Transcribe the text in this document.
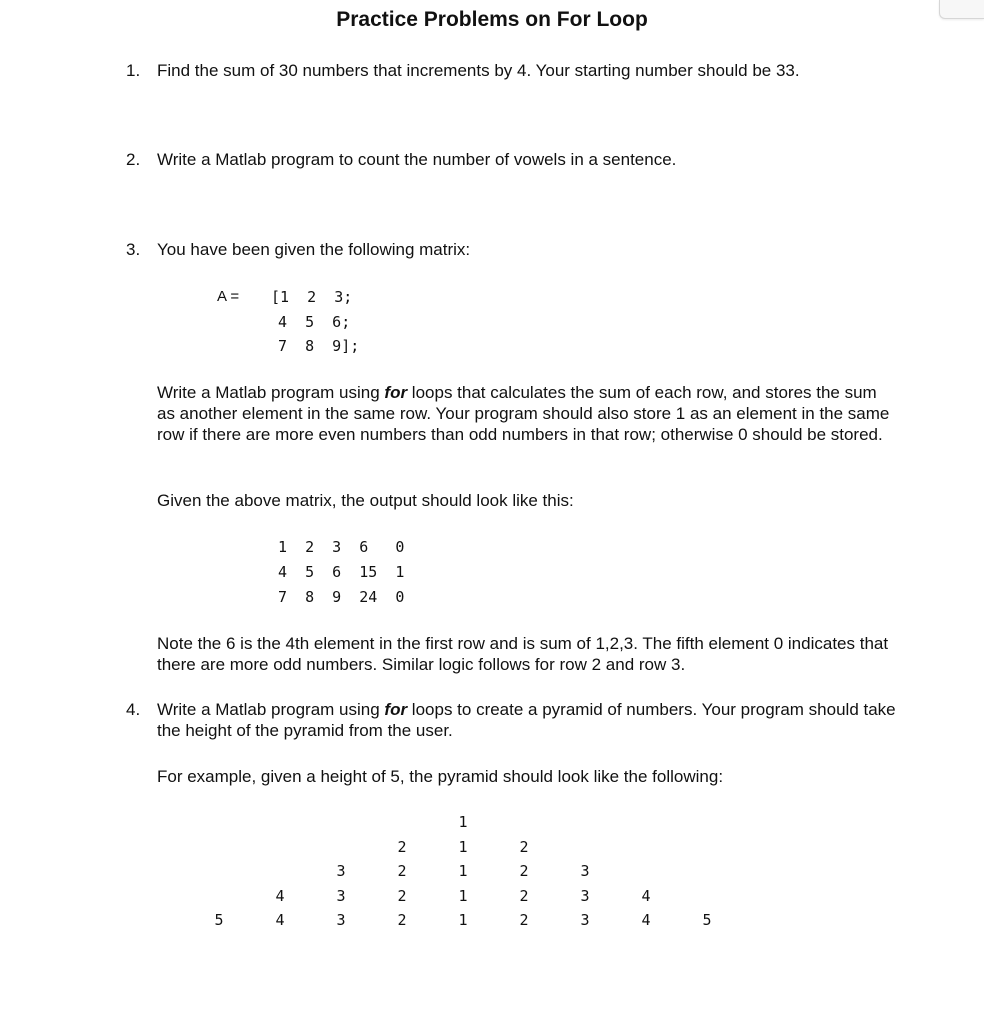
Practice Problems on For Loop
1. Find the sum of 30 numbers that increments by 4. Your starting number should be 33.

2. Write a Matlab program to count the number of vowels in a sentence.

3. You have been given the following matrix:

A = [1  2  3;
4  5  6;
7  8  9];

Write a Matlab program using for loops that calculates the sum of each row, and stores the sum as another element in the same row. Your program should also store 1 as an element in the same row if there are more even numbers than odd numbers in that row; otherwise 0 should be stored.

Given the above matrix, the output should look like this:

1  2  3  6   0
4  5  6  15  1
7  8  9  24  0

Note the 6 is the 4th element in the first row and is sum of 1,2,3. The fifth element 0 indicates that there are more odd numbers. Similar logic follows for row 2 and row 3.

4. Write a Matlab program using for loops to create a pyramid of numbers. Your program should take the height of the pyramid from the user.

For example, given a height of 5, the pyramid should look like the following:

1
2	1	2
3	2	1	2	3
4	3	2	1	2	3	4
5	4	3	2	1	2	3	4	5
